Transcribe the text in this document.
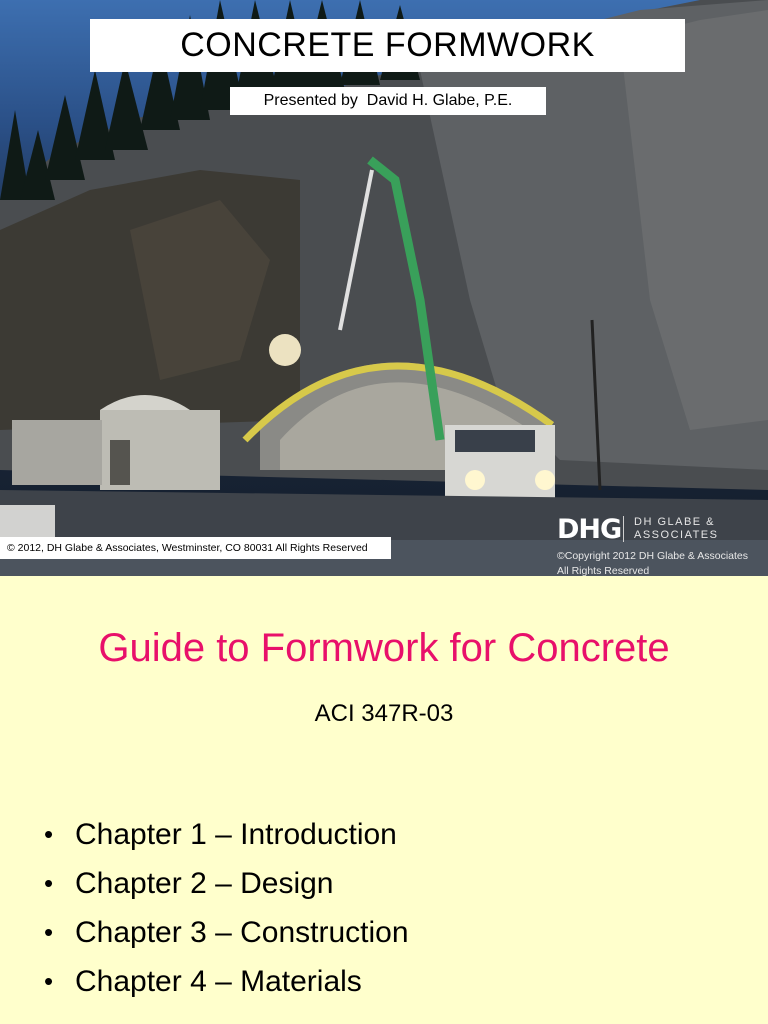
CONCRETE FORMWORK
Presented by  David H. Glabe, P.E.
© 2012, DH Glabe & Associates, Westminster, CO 80031 All Rights Reserved
DHG DH GLABE &
ASSOCIATES
©Copyright 2012 DH Glabe & Associates
All Rights Reserved
Guide to Formwork for Concrete
ACI 347R-03
• Chapter 1 – Introduction
• Chapter 2 – Design
• Chapter 3 – Construction
• Chapter 4 – Materials
